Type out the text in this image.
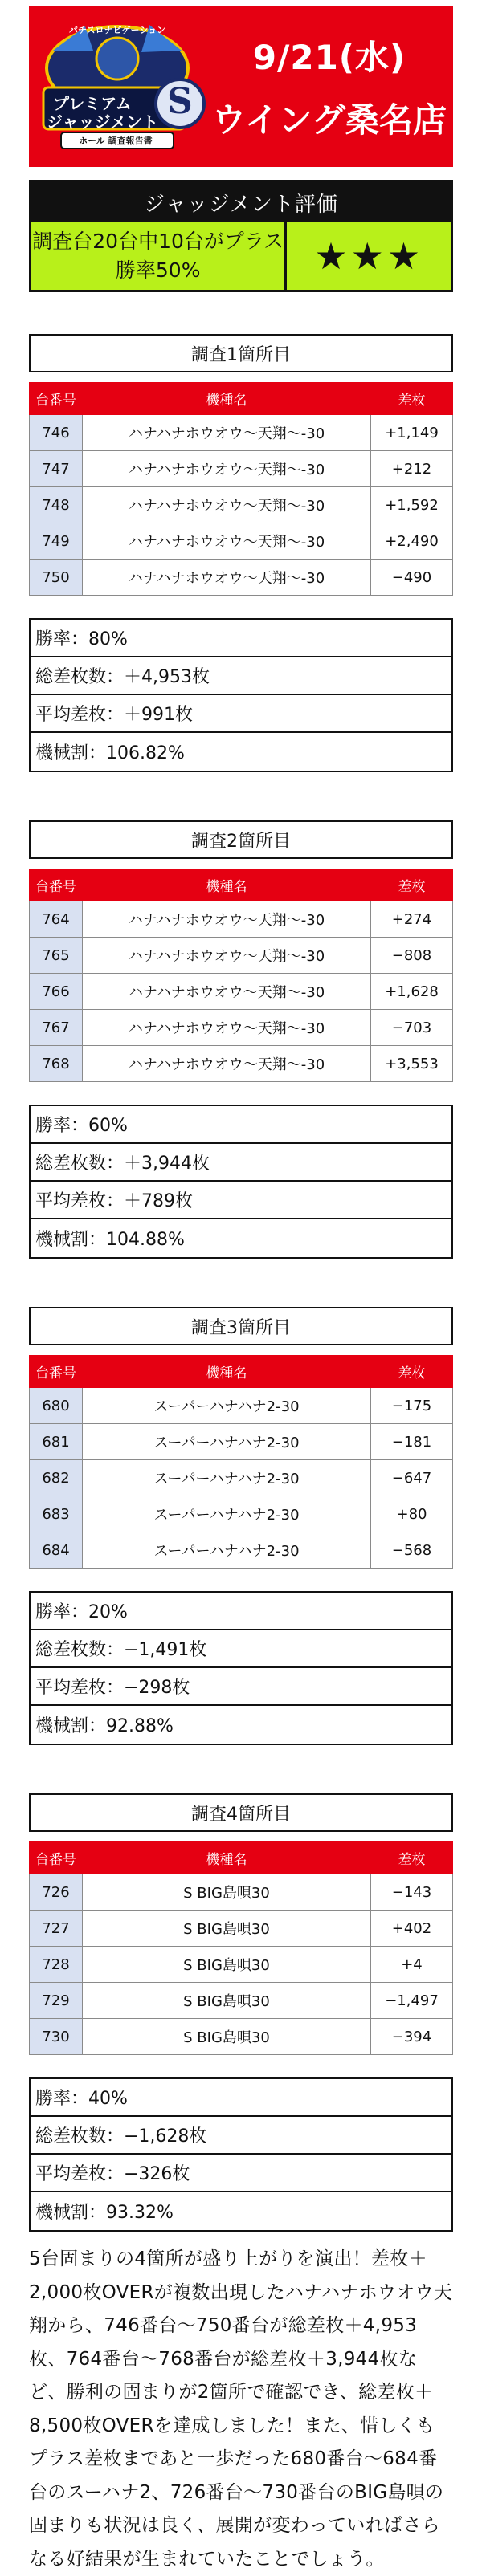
パチスロナビゲーション
プレミアム
ジャッジメント S
ホール 調査報告書
9/21(水)
ウイング桑名店
ジャッジメント評価
調査台20台中10台がプラス
勝率50%	★★★
調査1箇所目
台番号	機種名	差枚
746	ハナハナホウオウ〜天翔〜-30	+1,149
747	ハナハナホウオウ〜天翔〜-30	+212
748	ハナハナホウオウ〜天翔〜-30	+1,592
749	ハナハナホウオウ〜天翔〜-30	+2,490
750	ハナハナホウオウ〜天翔〜-30	−490
勝率：80%
総差枚数：＋4,953枚
平均差枚：＋991枚
機械割：106.82%
調査2箇所目
台番号	機種名	差枚
764	ハナハナホウオウ〜天翔〜-30	+274
765	ハナハナホウオウ〜天翔〜-30	−808
766	ハナハナホウオウ〜天翔〜-30	+1,628
767	ハナハナホウオウ〜天翔〜-30	−703
768	ハナハナホウオウ〜天翔〜-30	+3,553
勝率：60%
総差枚数：＋3,944枚
平均差枚：＋789枚
機械割：104.88%
調査3箇所目
台番号	機種名	差枚
680	スーパーハナハナ2-30	−175
681	スーパーハナハナ2-30	−181
682	スーパーハナハナ2-30	−647
683	スーパーハナハナ2-30	+80
684	スーパーハナハナ2-30	−568
勝率：20%
総差枚数：−1,491枚
平均差枚：−298枚
機械割：92.88%
調査4箇所目
台番号	機種名	差枚
726	S BIG島唄30	−143
727	S BIG島唄30	+402
728	S BIG島唄30	+4
729	S BIG島唄30	−1,497
730	S BIG島唄30	−394
勝率：40%
総差枚数：−1,628枚
平均差枚：−326枚
機械割：93.32%
5台固まりの4箇所が盛り上がりを演出！差枚＋2,000枚OVERが複数出現したハナハナホウオウ天翔から、746番台〜750番台が総差枚＋4,953枚、764番台〜768番台が総差枚＋3,944枚など、勝利の固まりが2箇所で確認でき、総差枚＋8,500枚OVERを達成しました！また、惜しくもプラス差枚まであと一歩だった680番台〜684番台のスーハナ2、726番台〜730番台のBIG島唄の固まりも状況は良く、展開が変わっていればさらなる好結果が生まれていたことでしょう。
